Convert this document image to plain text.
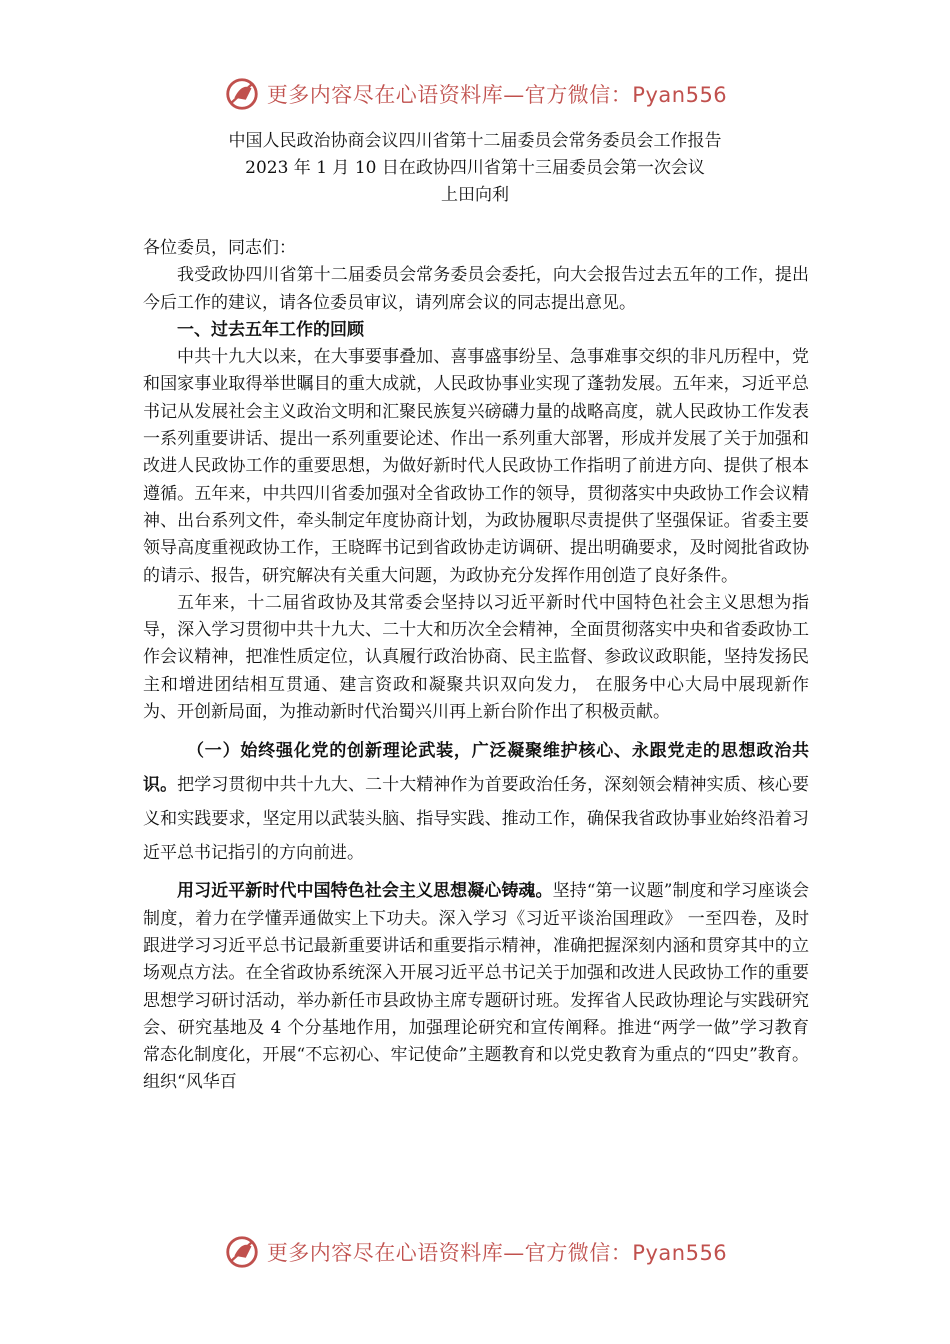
更多内容尽在心语资料库—官方微信：Pyan556
中国人民政治协商会议四川省第十二届委员会常务委员会工作报告
2023 年 1 月 10 日在政协四川省第十三届委员会第一次会议
上田向利

各位委员，同志们：

我受政协四川省第十二届委员会常务委员会委托，向大会报告过去五年的工作，提出今后工作的建议，请各位委员审议，请列席会议的同志提出意见。

一、过去五年工作的回顾

中共十九大以来，在大事要事叠加、喜事盛事纷呈、急事难事交织的非凡历程中，党和国家事业取得举世瞩目的重大成就，人民政协事业实现了蓬勃发展。五年来，习近平总书记从发展社会主义政治文明和汇聚民族复兴磅礴力量的战略高度，就人民政协工作发表一系列重要讲话、提出一系列重要论述、作出一系列重大部署，形成并发展了关于加强和改进人民政协工作的重要思想，为做好新时代人民政协工作指明了前进方向、提供了根本遵循。五年来，中共四川省委加强对全省政协工作的领导，贯彻落实中央政协工作会议精神、出台系列文件，牵头制定年度协商计划，为政协履职尽责提供了坚强保证。省委主要领导高度重视政协工作，王晓晖书记到省政协走访调研、提出明确要求，及时阅批省政协的请示、报告，研究解决有关重大问题，为政协充分发挥作用创造了良好条件。

五年来，十二届省政协及其常委会坚持以习近平新时代中国特色社会主义思想为指导，深入学习贯彻中共十九大、二十大和历次全会精神，全面贯彻落实中央和省委政协工作会议精神，把准性质定位，认真履行政治协商、民主监督、参政议政职能，坚持发扬民主和增进团结相互贯通、建言资政和凝聚共识双向发力， 在服务中心大局中展现新作为、开创新局面，为推动新时代治蜀兴川再上新台阶作出了积极贡献。

（一）始终强化党的创新理论武装，广泛凝聚维护核心、永跟党走的思想政治共识。把学习贯彻中共十九大、二十大精神作为首要政治任务，深刻领会精神实质、核心要义和实践要求，坚定用以武装头脑、指导实践、推动工作，确保我省政协事业始终沿着习近平总书记指引的方向前进。

用习近平新时代中国特色社会主义思想凝心铸魂。坚持“第一议题”制度和学习座谈会制度，着力在学懂弄通做实上下功夫。深入学习《习近平谈治国理政》 一至四卷，及时跟进学习习近平总书记最新重要讲话和重要指示精神，准确把握深刻内涵和贯穿其中的立场观点方法。在全省政协系统深入开展习近平总书记关于加强和改进人民政协工作的重要思想学习研讨活动，举办新任市县政协主席专题研讨班。发挥省人民政协理论与实践研究会、研究基地及 4 个分基地作用，加强理论研究和宣传阐释。推进“两学一做”学习教育常态化制度化，开展“不忘初心、牢记使命”主题教育和以党史教育为重点的“四史”教育。组织“风华百

更多内容尽在心语资料库—官方微信：Pyan556
